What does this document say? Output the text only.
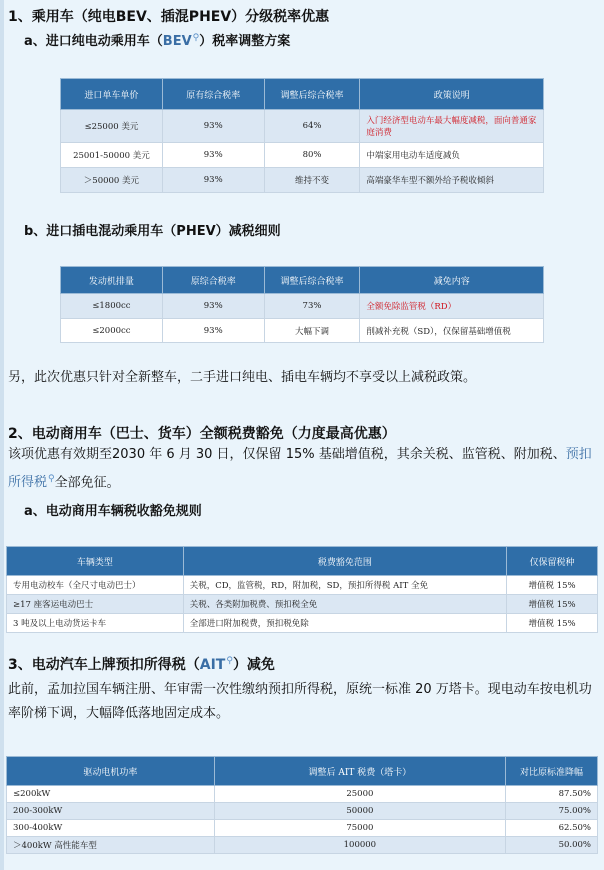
1、乘用车（纯电BEV、插混PHEV）分级税率优惠
a、进口纯电动乘用车（BEV⚲）税率调整方案
进口单车单价	原有综合税率	调整后综合税率	政策说明
≤25000 美元	93%	64%	入门经济型电动车最大幅度减税，面向普通家庭消费
25001-50000 美元	93%	80%	中端家用电动车适度减负
＞50000 美元	93%	维持不变	高端豪华车型不额外给予税收倾斜
b、进口插电混动乘用车（PHEV）减税细则
发动机排量	原综合税率	调整后综合税率	减免内容
≤1800cc	93%	73%	全额免除监管税（RD）
≤2000cc	93%	大幅下调	削减补充税（SD），仅保留基础增值税
另，此次优惠只针对全新整车，二手进口纯电、插电车辆均不享受以上减税政策。
2、电动商用车（巴士、货车）全额税费豁免（力度最高优惠）
该项优惠有效期至2030 年 6 月 30 日，仅保留 15% 基础增值税，其余关税、监管税、附加税、预扣所得税⚲全部免征。
a、电动商用车辆税收豁免规则
车辆类型	税费豁免范围	仅保留税种
专用电动校车（全尺寸电动巴士）	关税，CD，监管税，RD，附加税，SD，预扣所得税 AIT 全免	增值税 15%
≥17 座客运电动巴士	关税、各类附加税费、预扣税全免	增值税 15%
3 吨及以上电动货运卡车	全部进口附加税费，预扣税免除	增值税 15%
3、电动汽车上牌预扣所得税（AIT⚲）减免
此前，孟加拉国车辆注册、年审需一次性缴纳预扣所得税，原统一标准 20 万塔卡。现电动车按电机功率阶梯下调，大幅降低落地固定成本。
驱动电机功率	调整后 AIT 税费（塔卡）	对比原标准降幅
≤200kW	25000	87.50%
200-300kW	50000	75.00%
300-400kW	75000	62.50%
＞400kW 高性能车型	100000	50.00%
